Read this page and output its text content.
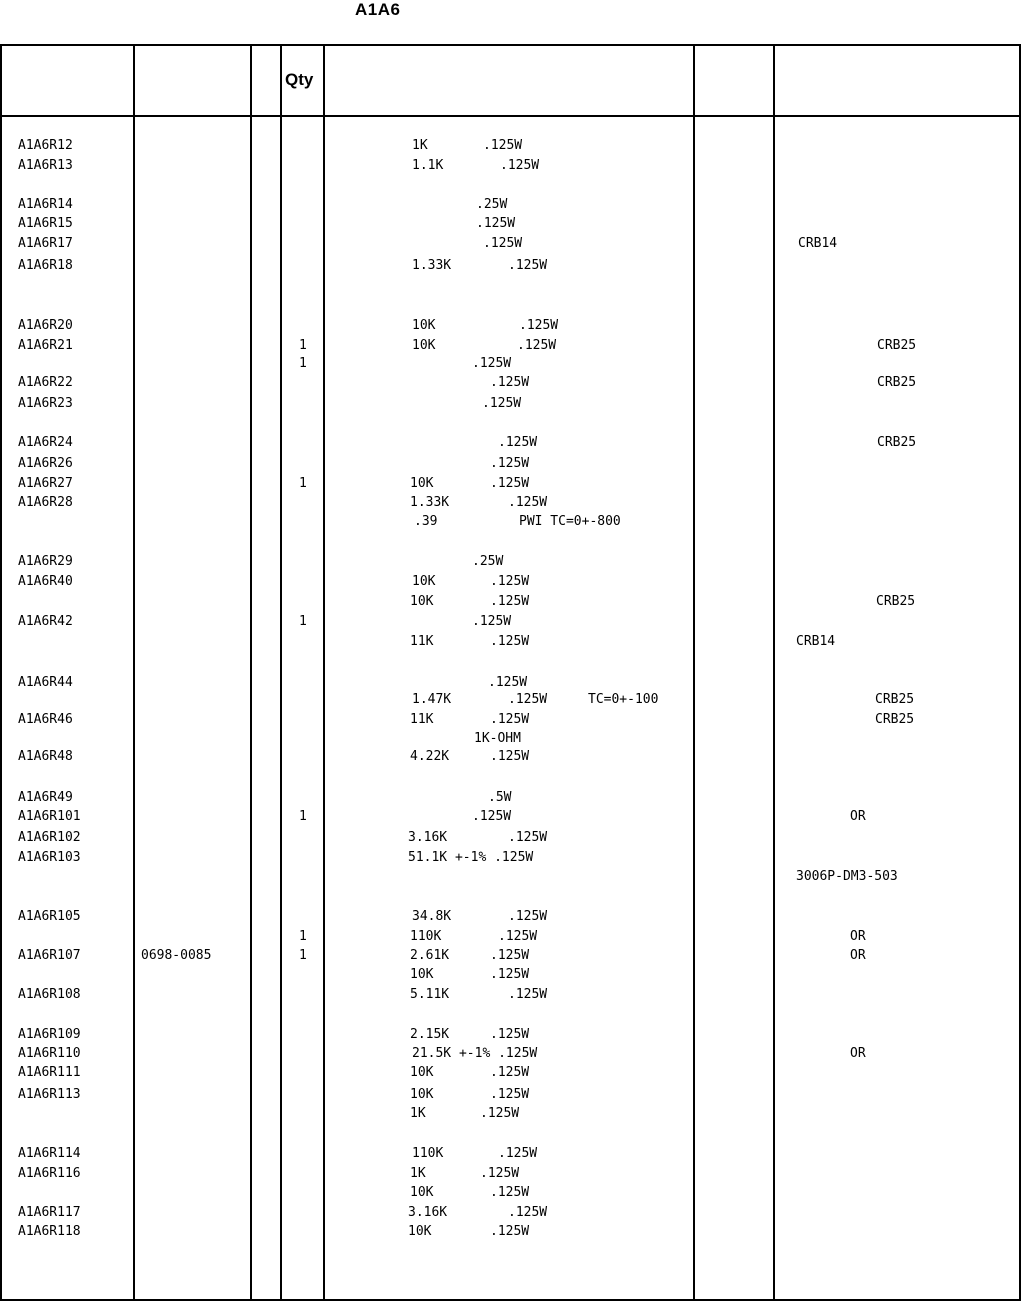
A1A6
Qty
A1A6R12	1K	.125W
A1A6R13	1.1K	.125W
A1A6R14	.25W
A1A6R15	.125W
A1A6R17	.125W	CRB14
A1A6R18	1.33K	.125W
A1A6R20	10K	.125W
A1A6R21	1	10K	.125W	CRB25
1	.125W
A1A6R22	.125W	CRB25
A1A6R23	.125W
A1A6R24	.125W	CRB25
A1A6R26	.125W
A1A6R27	1	10K	.125W
A1A6R28	1.33K	.125W
.39	PWI TC=0+-800
A1A6R29	.25W
A1A6R40	10K	.125W
10K	.125W	CRB25
A1A6R42	1	.125W
11K	.125W	CRB14
A1A6R44	.125W
1.47K	.125W	TC=0+-100	CRB25
A1A6R46	11K	.125W	CRB25
1K-OHM
A1A6R48	4.22K	.125W
A1A6R49	.5W
A1A6R101	1	.125W	OR
A1A6R102	3.16K	.125W
A1A6R103	51.1K +-1% .125W
3006P-DM3-503
A1A6R105	34.8K	.125W
1	110K	.125W	OR
A1A6R107	0698-0085	1	2.61K	.125W	OR
10K	.125W
A1A6R108	5.11K	.125W
A1A6R109	2.15K	.125W
A1A6R110	21.5K +-1% .125W	OR
A1A6R111	10K	.125W
A1A6R113	10K	.125W
1K	.125W
A1A6R114	110K	.125W
A1A6R116	1K	.125W
10K	.125W
A1A6R117	3.16K	.125W
A1A6R118	10K	.125W
